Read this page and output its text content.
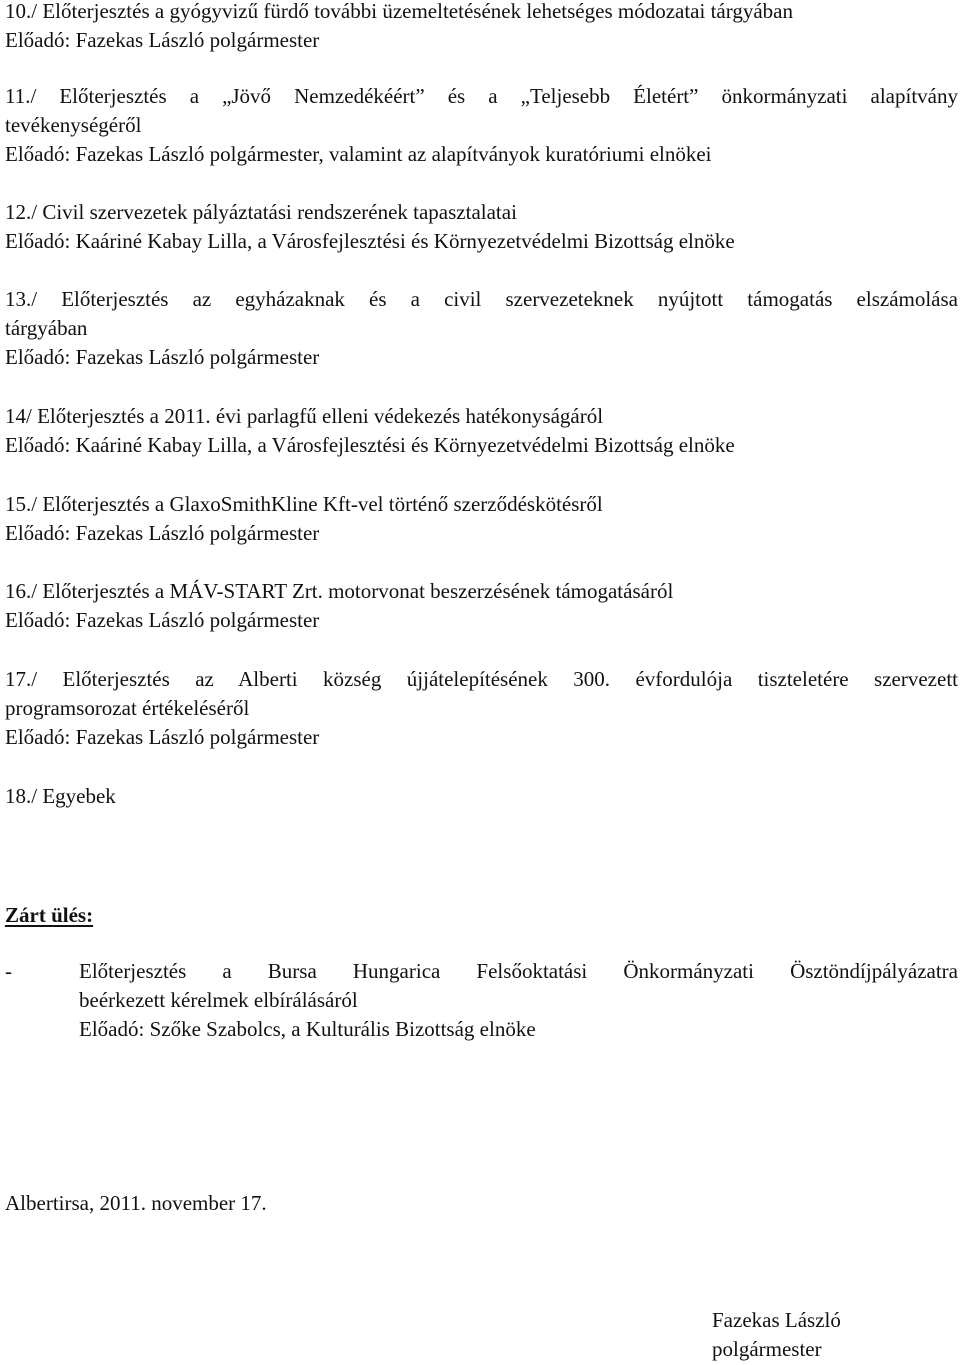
10./ Előterjesztés a gyógyvizű fürdő további üzemeltetésének lehetséges módozatai tárgyában
Előadó: Fazekas László polgármester
11./ Előterjesztés a „Jövő Nemzedékéért” és a „Teljesebb Életért” önkormányzati alapítvány
tevékenységéről
Előadó: Fazekas László polgármester, valamint az alapítványok kuratóriumi elnökei
12./ Civil szervezetek pályáztatási rendszerének tapasztalatai
Előadó: Kaáriné Kabay Lilla, a Városfejlesztési és Környezetvédelmi Bizottság elnöke
13./ Előterjesztés az egyházaknak és a civil szervezeteknek nyújtott támogatás elszámolása
tárgyában
Előadó: Fazekas László polgármester
14/ Előterjesztés a 2011. évi parlagfű elleni védekezés hatékonyságáról
Előadó: Kaáriné Kabay Lilla, a Városfejlesztési és Környezetvédelmi Bizottság elnöke
15./ Előterjesztés a GlaxoSmithKline Kft-vel történő szerződéskötésről
Előadó: Fazekas László polgármester
16./ Előterjesztés a MÁV-START Zrt. motorvonat beszerzésének támogatásáról
Előadó: Fazekas László polgármester
17./ Előterjesztés az Alberti község újjátelepítésének 300. évfordulója tiszteletére szervezett
programsorozat értékeléséről
Előadó: Fazekas László polgármester
18./ Egyebek
Zárt ülés:
-	Előterjesztés a Bursa Hungarica Felsőoktatási Önkormányzati Ösztöndíjpályázatra
beérkezett kérelmek elbírálásáról
Előadó: Szőke Szabolcs, a Kulturális Bizottság elnöke
Albertirsa, 2011. november 17.
Fazekas László
polgármester
